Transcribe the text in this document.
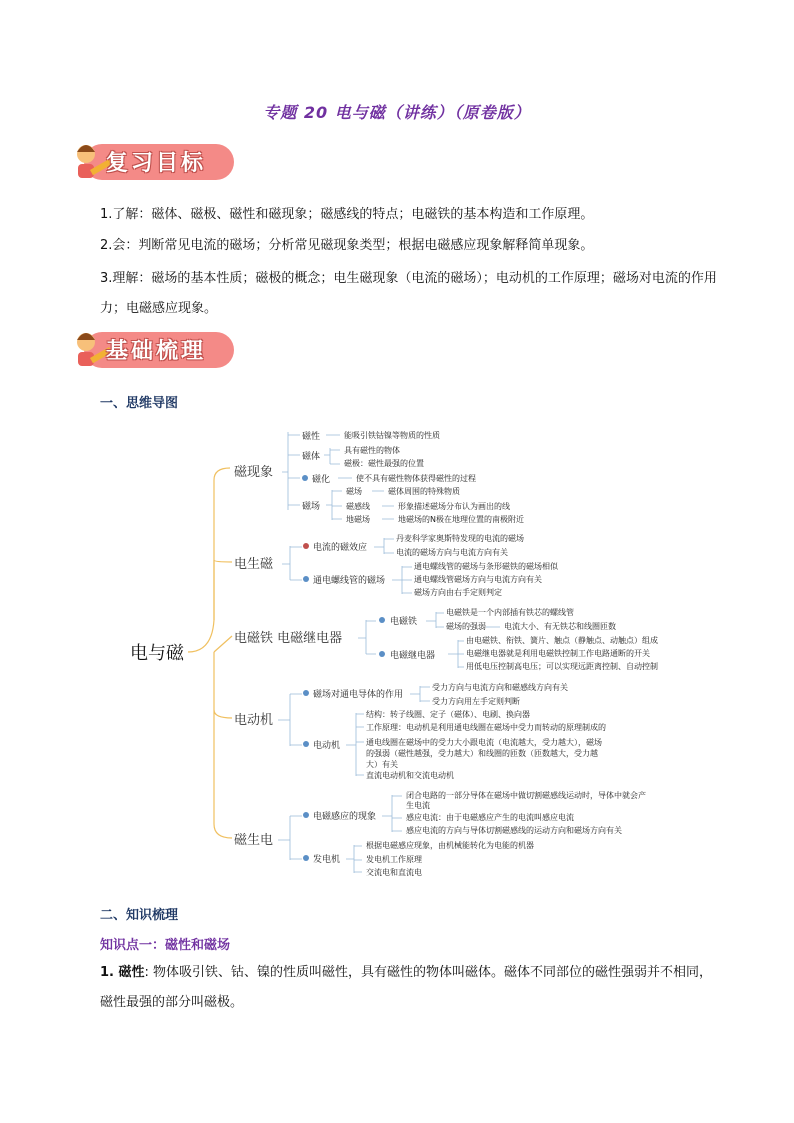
专题 20 电与磁（讲练）（原卷版）
复习目标
1.了解：磁体、磁极、磁性和磁现象；磁感线的特点；电磁铁的基本构造和工作原理。
2.会：判断常见电流的磁场；分析常见磁现象类型；根据电磁感应现象解释简单现象。
3.理解：磁场的基本性质；磁极的概念；电生磁现象（电流的磁场）；电动机的工作原理；磁场对电流的作用力；电磁感应现象。
基础梳理
一、思维导图
电与磁
磁现象
磁性
磁体
磁化
磁场
能吸引铁钴镍等物质的性质
具有磁性的物体
磁极：磁性最强的位置
使不具有磁性物体获得磁性的过程
磁场
磁感线
地磁场
磁体周围的特殊物质
形象描述磁场分布认为画出的线
地磁场的N极在地理位置的南极附近
电生磁
电流的磁效应
通电螺线管的磁场
丹麦科学家奥斯特发现的电流的磁场
电流的磁场方向与电流方向有关
通电螺线管的磁场与条形磁铁的磁场相似
通电螺线管磁场方向与电流方向有关
磁场方向由右手定则判定
电磁铁 电磁继电器
电磁铁
电磁继电器
电磁铁是一个内部插有铁芯的螺线管
磁场的强弱 电流大小、有无铁芯和线圈匝数
由电磁铁、衔铁、簧片、触点（静触点、动触点）组成
电磁继电器就是利用电磁铁控制工作电路通断的开关
用低电压控制高电压；可以实现远距离控制、自动控制
电动机
磁场对通电导体的作用
电动机
受力方向与电流方向和磁感线方向有关
受力方向用左手定则判断
结构：转子线圈、定子（磁体）、电刷、换向器
工作原理：电动机是利用通电线圈在磁场中受力而转动的原理制成的
通电线圈在磁场中的受力大小跟电流（电流越大，受力越大），磁场
的强弱（磁性越强，受力越大）和线圈的匝数（匝数越大，受力越
大）有关
直流电动机和交流电动机
磁生电
电磁感应的现象
发电机
闭合电路的一部分导体在磁场中做切割磁感线运动时，导体中就会产
生电流
感应电流：由于电磁感应产生的电流叫感应电流
感应电流的方向与导体切割磁感线的运动方向和磁场方向有关
根据电磁感应现象，由机械能转化为电能的机器
发电机工作原理
交流电和直流电
二、知识梳理
知识点一：磁性和磁场
1. 磁性: 物体吸引铁、钴、镍的性质叫磁性，具有磁性的物体叫磁体。磁体不同部位的磁性强弱并不相同，磁性最强的部分叫磁极。
